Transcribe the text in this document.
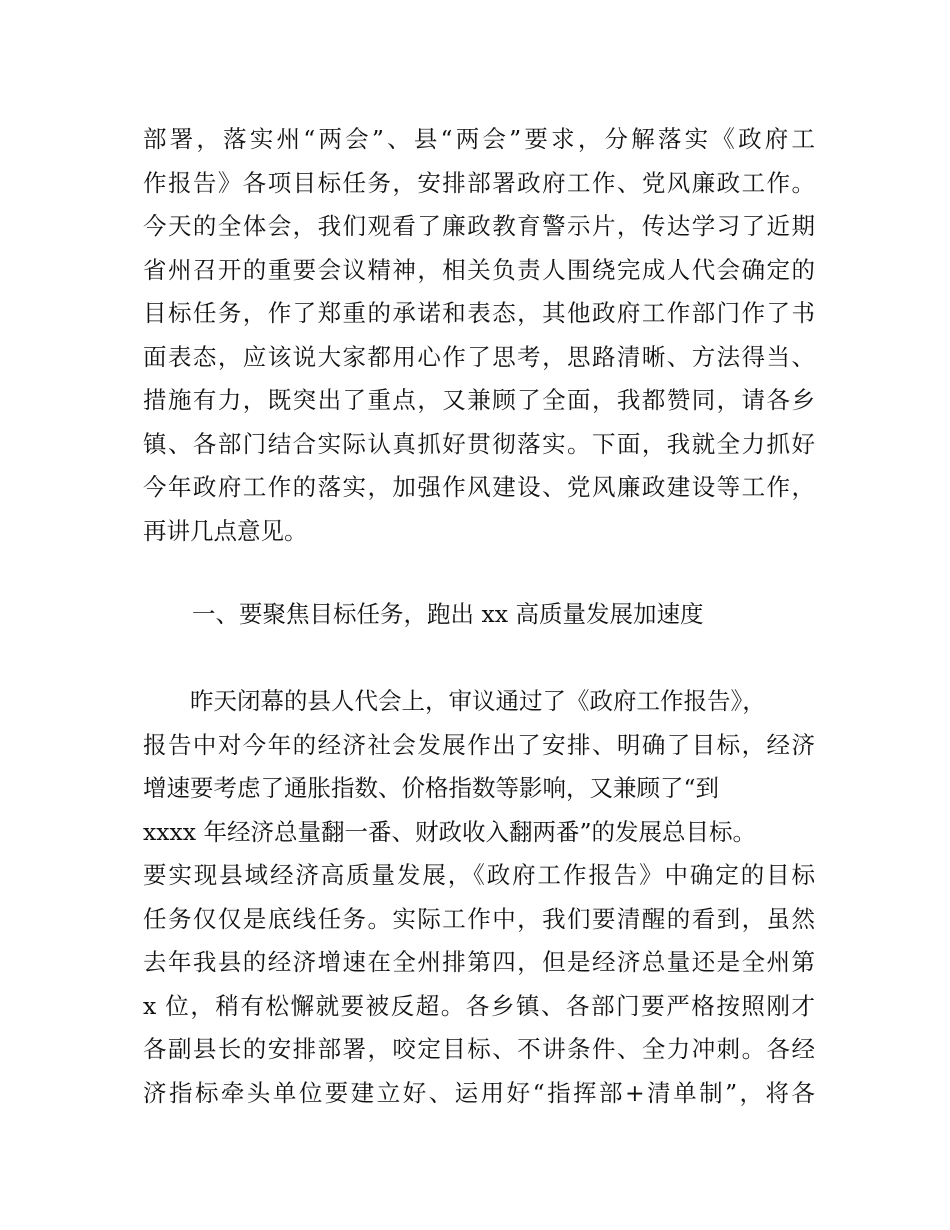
部署，落实州“两会”、县“两会”要求，分解落实《政府工
作报告》各项目标任务，安排部署政府工作、党风廉政工作。
今天的全体会，我们观看了廉政教育警示片，传达学习了近期
省州召开的重要会议精神，相关负责人围绕完成人代会确定的
目标任务，作了郑重的承诺和表态，其他政府工作部门作了书
面表态，应该说大家都用心作了思考，思路清晰、方法得当、
措施有力，既突出了重点，又兼顾了全面，我都赞同，请各乡
镇、各部门结合实际认真抓好贯彻落实。下面，我就全力抓好
今年政府工作的落实，加强作风建设、党风廉政建设等工作，
再讲几点意见。
一、要聚焦目标任务，跑出 xx 高质量发展加速度
昨天闭幕的县人代会上，审议通过了《政府工作报告》，
报告中对今年的经济社会发展作出了安排、明确了目标，经济
增速要考虑了通胀指数、价格指数等影响，又兼顾了“到
xxxx 年经济总量翻一番、财政收入翻两番”的发展总目标。
要实现县域经济高质量发展，《政府工作报告》中确定的目标
任务仅仅是底线任务。实际工作中，我们要清醒的看到，虽然
去年我县的经济增速在全州排第四，但是经济总量还是全州第
x 位，稍有松懈就要被反超。各乡镇、各部门要严格按照刚才
各副县长的安排部署，咬定目标、不讲条件、全力冲刺。各经
济指标牵头单位要建立好、运用好“指挥部+清单制”，将各
